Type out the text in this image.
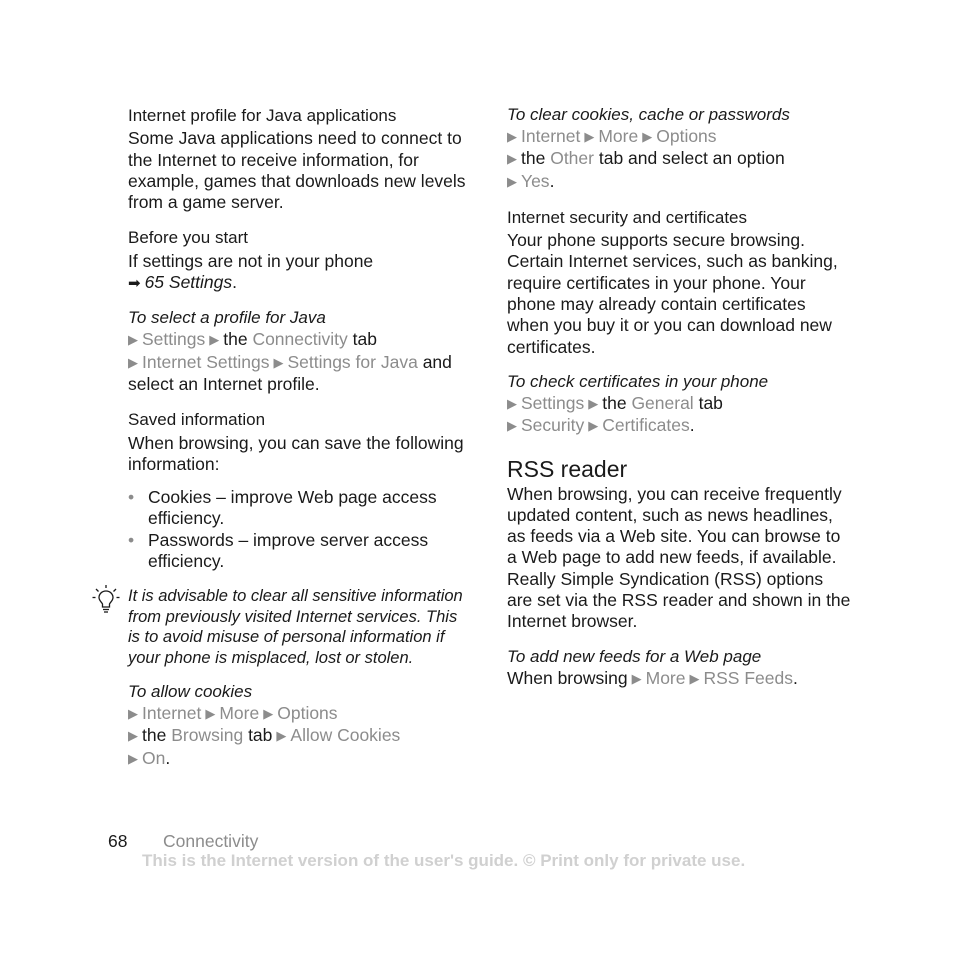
Internet profile for Java applications

Some Java applications need to connect to the Internet to receive information, for example, games that downloads new levels from a game server.

Before you start

If settings are not in your phone

➡ 65 Settings.

To select a profile for Java

▶ Settings ▶ the Connectivity tab
▶ Internet Settings ▶ Settings for Java and select an Internet profile.

Saved information

When browsing, you can save the following information:

• Cookies – improve Web page access efficiency.
• Passwords – improve server access efficiency.
It is advisable to clear all sensitive information from previously visited Internet services. This is to avoid misuse of personal information if your phone is misplaced, lost or stolen.

To allow cookies

▶ Internet ▶ More ▶ Options
▶ the Browsing tab ▶ Allow Cookies
▶ On.

To clear cookies, cache or passwords

▶ Internet ▶ More ▶ Options
▶ the Other tab and select an option
▶ Yes.

Internet security and certificates

Your phone supports secure browsing. Certain Internet services, such as banking, require certificates in your phone. Your phone may already contain certificates when you buy it or you can download new certificates.

To check certificates in your phone

▶ Settings ▶ the General tab
▶ Security ▶ Certificates.

RSS reader

When browsing, you can receive frequently updated content, such as news headlines, as feeds via a Web site. You can browse to a Web page to add new feeds, if available. Really Simple Syndication (RSS) options are set via the RSS reader and shown in the Internet browser.

To add new feeds for a Web page

When browsing ▶ More ▶ RSS Feeds.

68 Connectivity
This is the Internet version of the user's guide. © Print only for private use.
